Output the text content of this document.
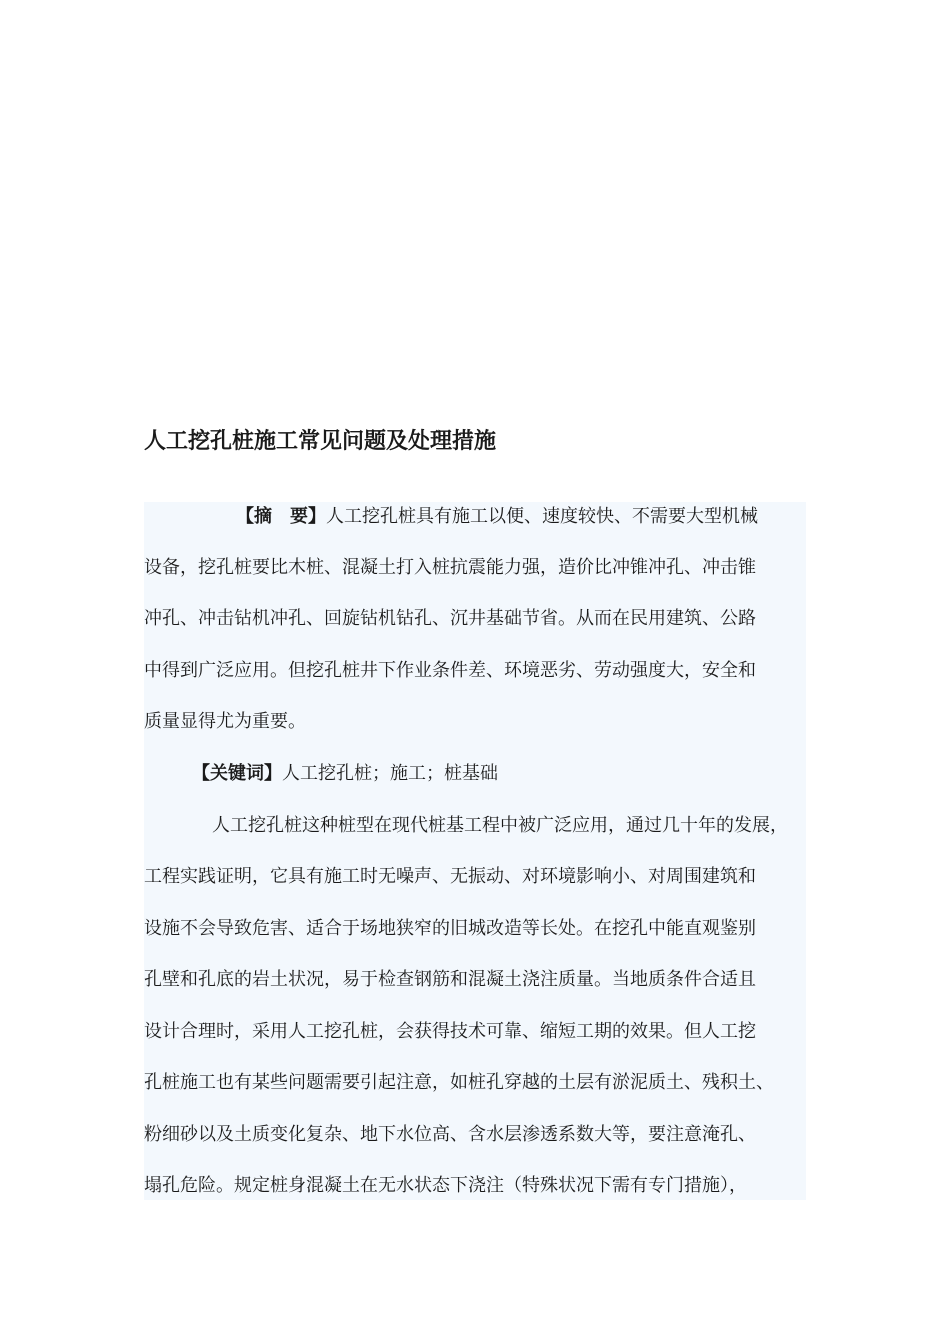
人工挖孔桩施工常见问题及处理措施
【摘　要】人工挖孔桩具有施工以便、速度较快、不需要大型机械
设备，挖孔桩要比木桩、混凝土打入桩抗震能力强，造价比冲锥冲孔、冲击锥
冲孔、冲击钻机冲孔、回旋钻机钻孔、沉井基础节省。从而在民用建筑、公路
中得到广泛应用。但挖孔桩井下作业条件差、环境恶劣、劳动强度大，安全和
质量显得尤为重要。
【关键词】人工挖孔桩；施工；桩基础
人工挖孔桩这种桩型在现代桩基工程中被广泛应用，通过几十年的发展，
工程实践证明，它具有施工时无噪声、无振动、对环境影响小、对周围建筑和
设施不会导致危害、适合于场地狭窄的旧城改造等长处。在挖孔中能直观鉴别
孔壁和孔底的岩土状况，易于检查钢筋和混凝土浇注质量。当地质条件合适且
设计合理时，采用人工挖孔桩，会获得技术可靠、缩短工期的效果。但人工挖
孔桩施工也有某些问题需要引起注意，如桩孔穿越的土层有淤泥质土、残积土、
粉细砂以及土质变化复杂、地下水位高、含水层渗透系数大等，要注意淹孔、
塌孔危险。规定桩身混凝土在无水状态下浇注（特殊状况下需有专门措施），
